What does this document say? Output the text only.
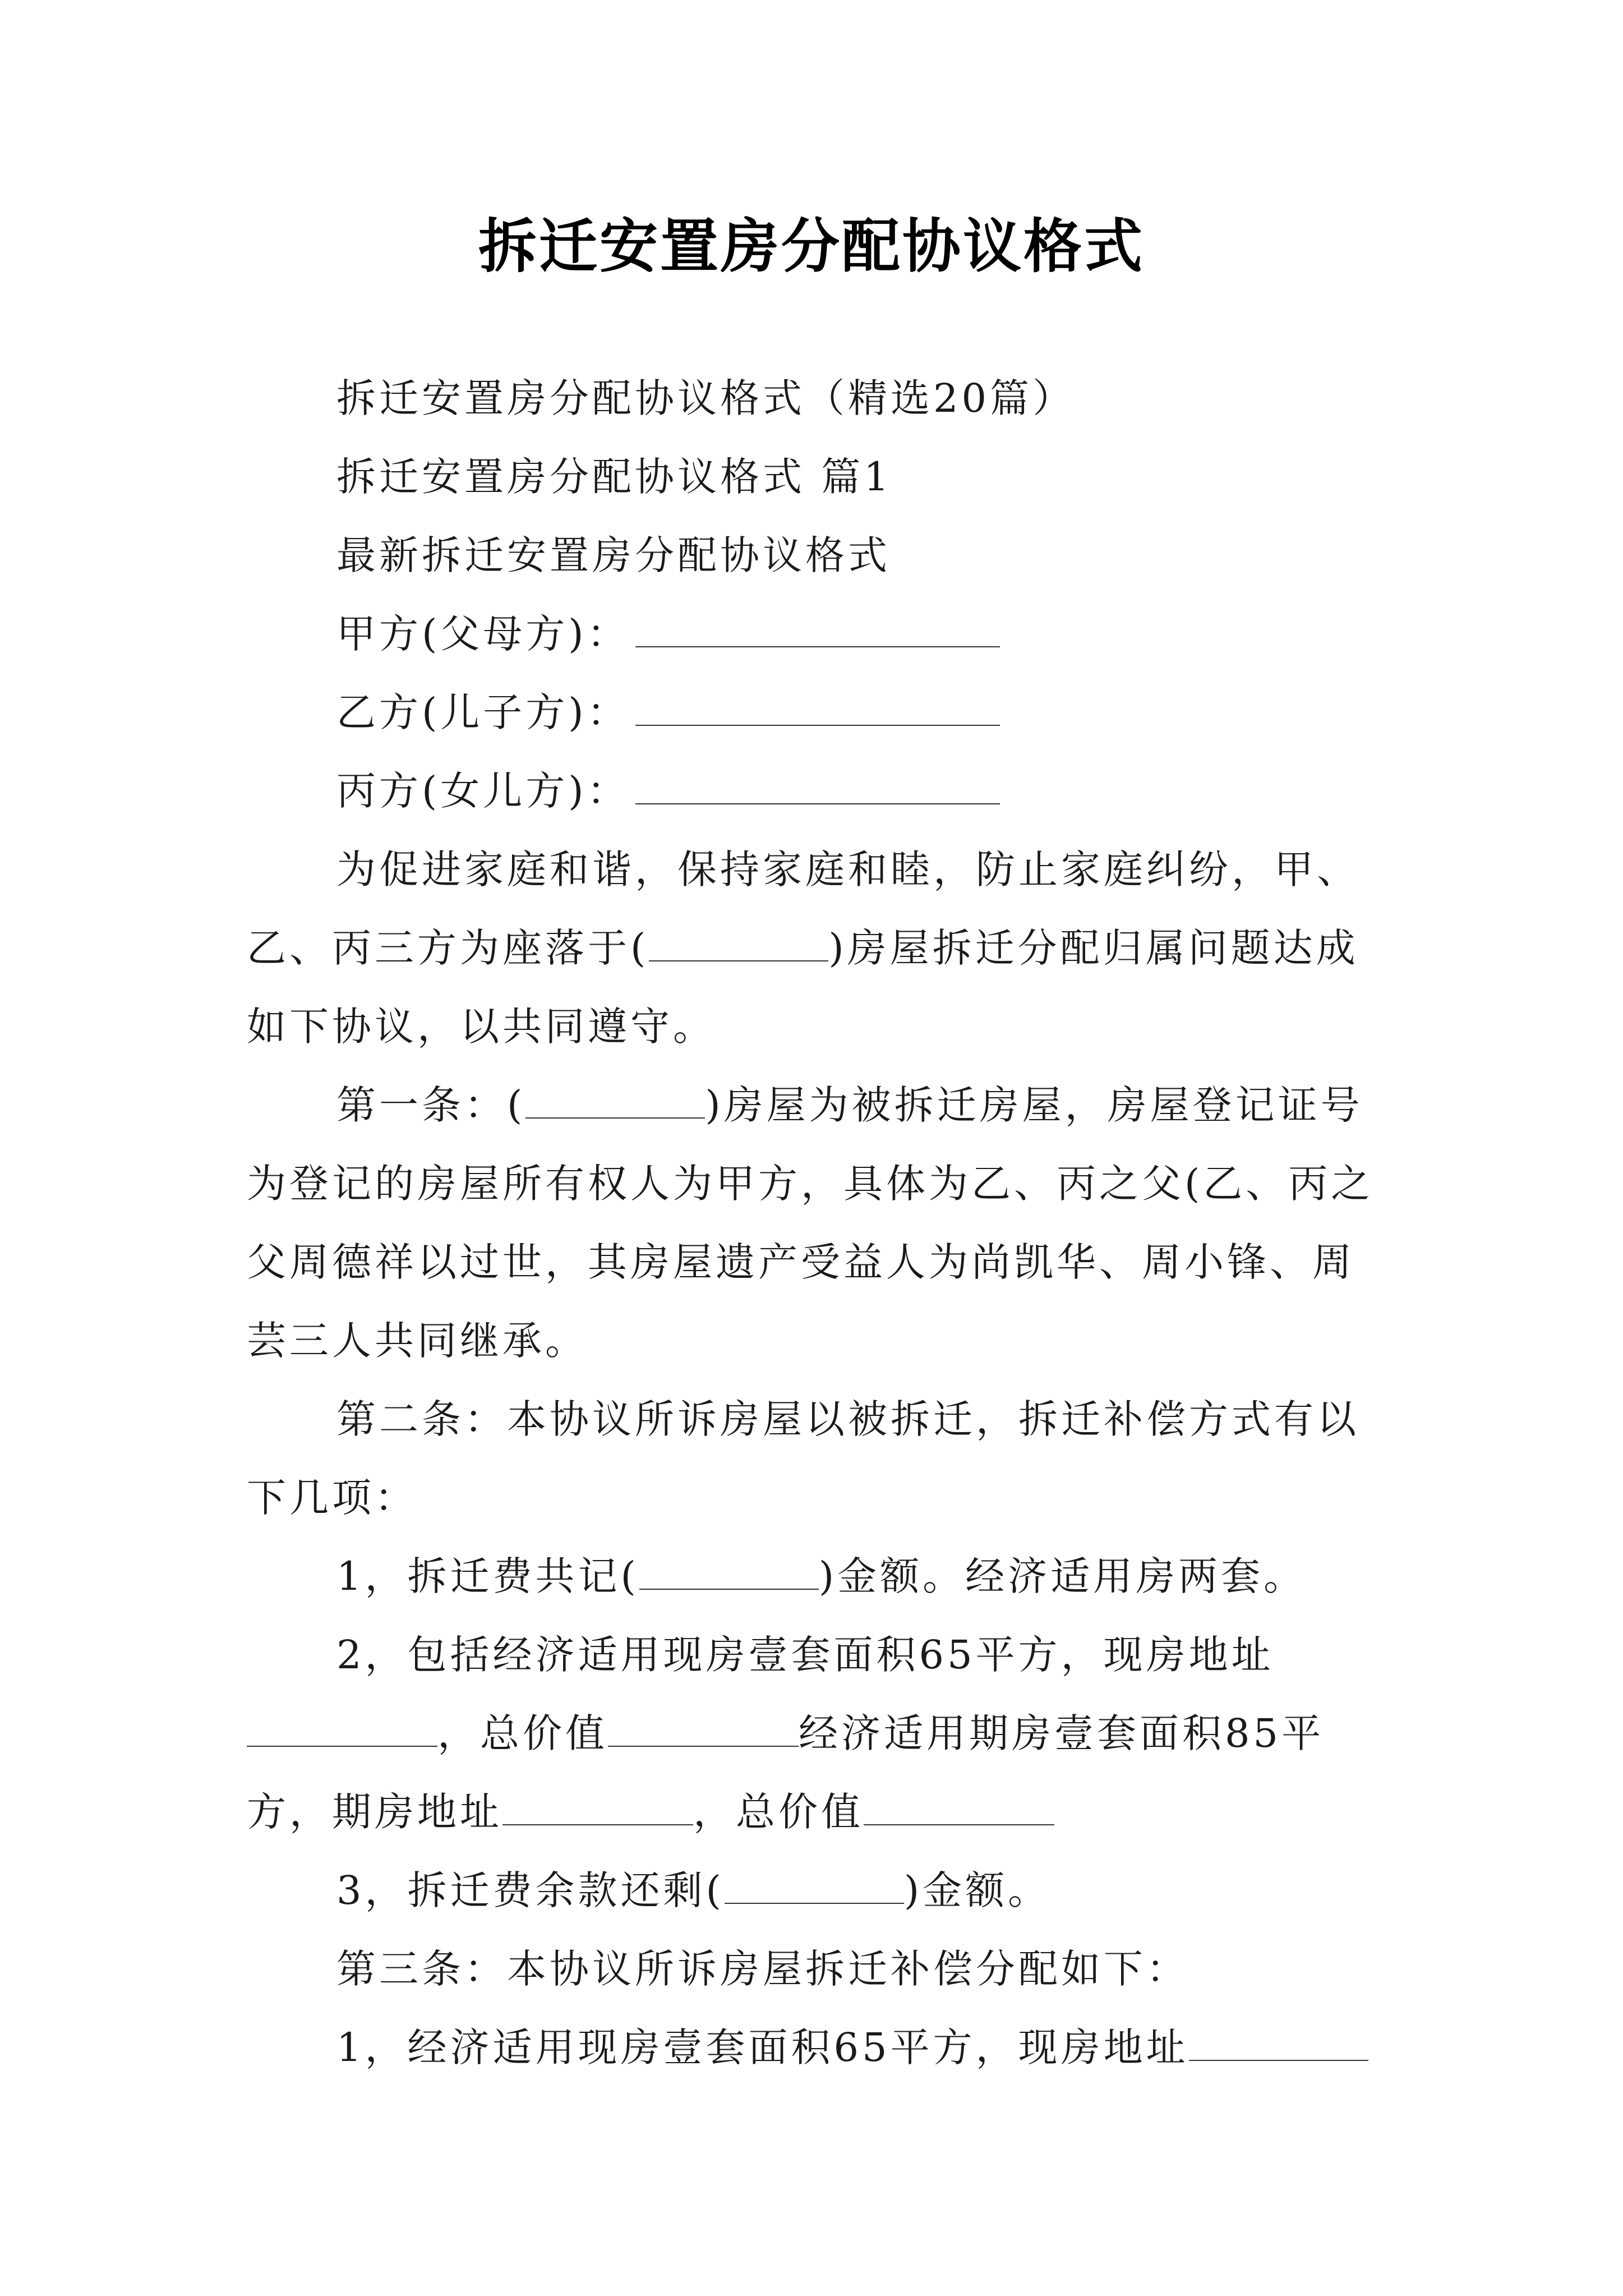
拆迁安置房分配协议格式

拆迁安置房分配协议格式（精选20篇）

拆迁安置房分配协议格式 篇1

最新拆迁安置房分配协议格式

甲方(父母方)：

乙方(儿子方)：

丙方(女儿方)：

为促进家庭和谐，保持家庭和睦，防止家庭纠纷，甲、乙、丙三方为座落于(	)房屋拆迁分配归属问题达成如下协议，以共同遵守。

第一条：(	)房屋为被拆迁房屋，房屋登记证号为登记的房屋所有权人为甲方，具体为乙、丙之父(乙、丙之父周德祥以过世，其房屋遗产受益人为尚凯华、周小锋、周芸三人共同继承。

第二条：本协议所诉房屋以被拆迁，拆迁补偿方式有以下几项：

1，拆迁费共记(	)金额。经济适用房两套。

2，包括经济适用现房壹套面积65平方，现房地址，总价值	经济适用期房壹套面积85平方，期房地址	，总价值

3，拆迁费余款还剩(	)金额。

第三条：本协议所诉房屋拆迁补偿分配如下：

1，经济适用现房壹套面积65平方，现房地址
